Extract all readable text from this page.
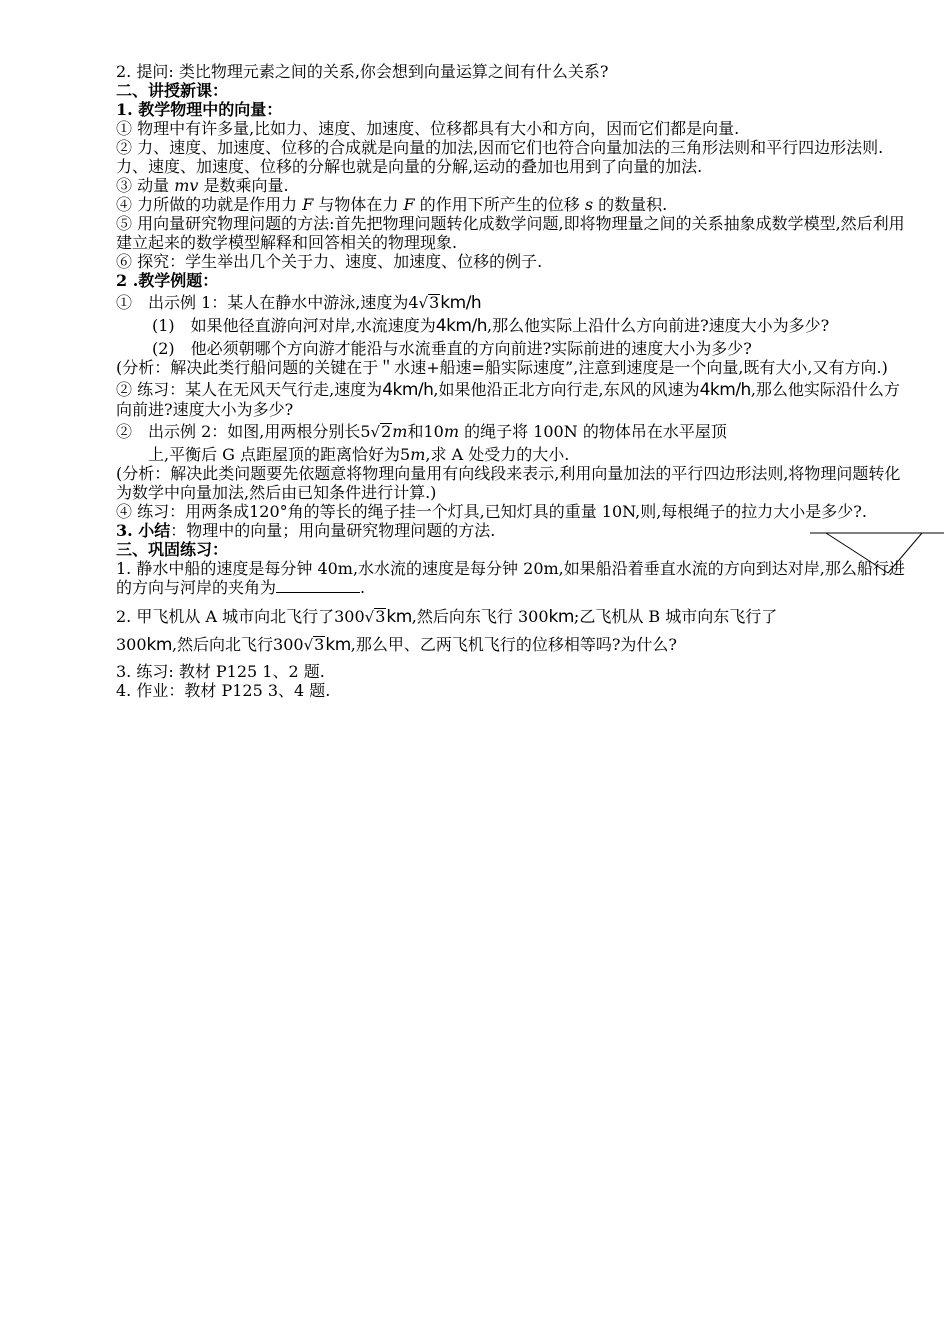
2. 提问: 类比物理元素之间的关系,你会想到向量运算之间有什么关系?

二、讲授新课：

1. 教学物理中的向量：

① 物理中有许多量,比如力、速度、加速度、位移都具有大小和方向，因而它们都是向量.

② 力、速度、加速度、位移的合成就是向量的加法,因而它们也符合向量加法的三角形法则和平行四边形法则. 力、速度、加速度、位移的分解也就是向量的分解,运动的叠加也用到了向量的加法.

③ 动量 mv 是数乘向量.

④ 力所做的功就是作用力 F 与物体在力 F 的作用下所产生的位移 s 的数量积.

⑤ 用向量研究物理问题的方法:首先把物理问题转化成数学问题,即将物理量之间的关系抽象成数学模型,然后利用建立起来的数学模型解释和回答相关的物理现象.

⑥ 探究：学生举出几个关于力、速度、加速度、位移的例子.

2 .教学例题：

①　出示例 1：某人在静水中游泳,速度为4√3km/h

(1)　如果他径直游向河对岸,水流速度为4km/h,那么他实际上沿什么方向前进?速度大小为多少?

(2)　他必须朝哪个方向游才能沿与水流垂直的方向前进?实际前进的速度大小为多少?

(分析：解决此类行船问题的关键在于＂水速+船速=船实际速度”,注意到速度是一个向量,既有大小,又有方向.)

② 练习：某人在无风天气行走,速度为4km/h,如果他沿正北方向行走,东风的风速为4km/h,那么他实际沿什么方向前进?速度大小为多少?

②　出示例 2：如图,用两根分别长5√2m和10m 的绳子将 100N 的物体吊在水平屋顶

上,平衡后 G 点距屋顶的距离恰好为5m,求 A 处受力的大小.

(分析：解决此类问题要先依题意将物理向量用有向线段来表示,利用向量加法的平行四边形法则,将物理问题转化为数学中向量加法,然后由已知条件进行计算.)

④ 练习：用两条成120°角的等长的绳子挂一个灯具,已知灯具的重量 10N,则,每根绳子的拉力大小是多少?.

3. 小结：物理中的向量；用向量研究物理问题的方法.

三、巩固练习：

1. 静水中船的速度是每分钟 40m,水水流的速度是每分钟 20m,如果船沿着垂直水流的方向到达对岸,那么船行进的方向与河岸的夹角为	.

2. 甲飞机从 A 城市向北飞行了300√3km,然后向东飞行 300km;乙飞机从 B 城市向东飞行了
300km,然后向北飞行300√3km,那么甲、乙两飞机飞行的位移相等吗?为什么?

3. 练习: 教材 P125 1、2 题.

4. 作业：教材 P125 3、4 题.
